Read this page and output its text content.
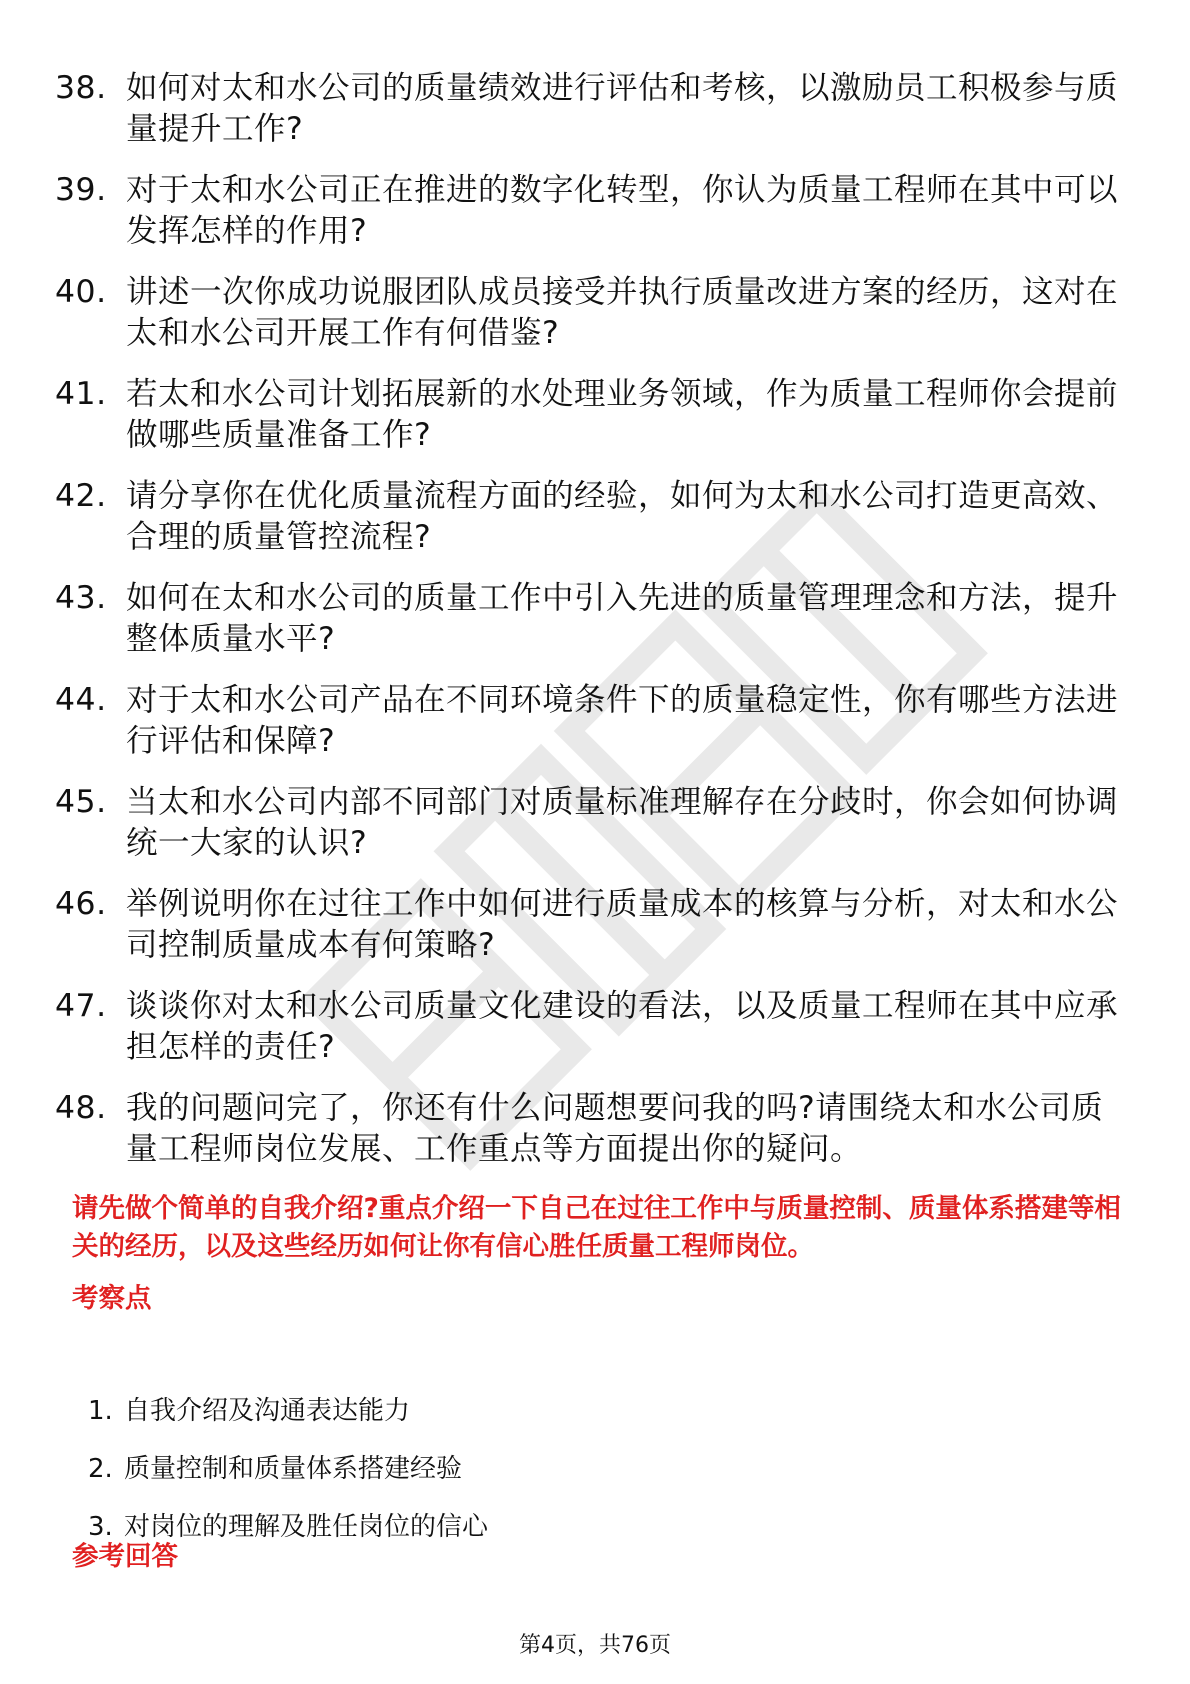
38. 如何对太和水公司的质量绩效进行评估和考核，以激励员工积极参与质量提升工作?
39. 对于太和水公司正在推进的数字化转型，你认为质量工程师在其中可以发挥怎样的作用?
40. 讲述一次你成功说服团队成员接受并执行质量改进方案的经历，这对在太和水公司开展工作有何借鉴?
41. 若太和水公司计划拓展新的水处理业务领域，作为质量工程师你会提前做哪些质量准备工作?
42. 请分享你在优化质量流程方面的经验，如何为太和水公司打造更高效、合理的质量管控流程?
43. 如何在太和水公司的质量工作中引入先进的质量管理理念和方法，提升整体质量水平?
44. 对于太和水公司产品在不同环境条件下的质量稳定性，你有哪些方法进行评估和保障?
45. 当太和水公司内部不同部门对质量标准理解存在分歧时，你会如何协调统一大家的认识?
46. 举例说明你在过往工作中如何进行质量成本的核算与分析，对太和水公司控制质量成本有何策略?
47. 谈谈你对太和水公司质量文化建设的看法，以及质量工程师在其中应承担怎样的责任?
48. 我的问题问完了，你还有什么问题想要问我的吗?请围绕太和水公司质量工程师岗位发展、工作重点等方面提出你的疑问。
请先做个简单的自我介绍?重点介绍一下自己在过往工作中与质量控制、质量体系搭建等相关的经历，以及这些经历如何让你有信心胜任质量工程师岗位。
考察点
1. 自我介绍及沟通表达能力
2. 质量控制和质量体系搭建经验
3. 对岗位的理解及胜任岗位的信心
参考回答
第4页，共76页
